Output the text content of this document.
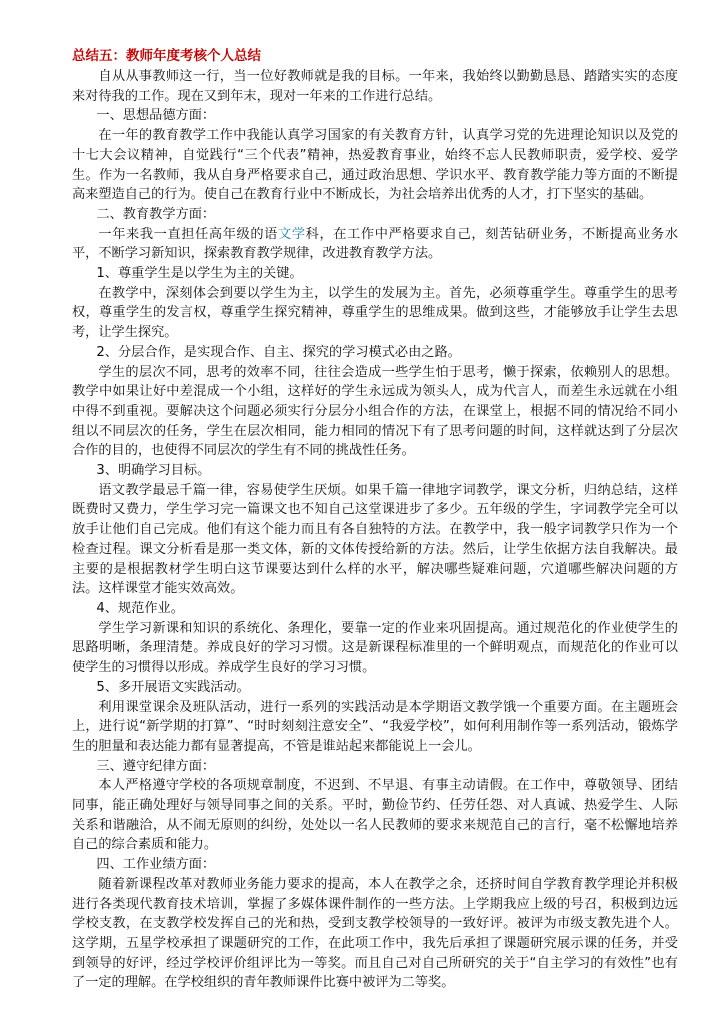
总结五：教师年度考核个人总结

自从从事教师这一行，当一位好教师就是我的目标。一年来，我始终以勤勤恳恳、踏踏实实的态度来对待我的工作。现在又到年末，现对一年来的工作进行总结。

一、思想品德方面：

在一年的教育教学工作中我能认真学习国家的有关教育方针，认真学习党的先进理论知识以及党的十七大会议精神，自觉践行“三个代表”精神，热爱教育事业，始终不忘人民教师职责，爱学校、爱学生。作为一名教师，我从自身严格要求自己，通过政治思想、学识水平、教育教学能力等方面的不断提高来塑造自己的行为。使自己在教育行业中不断成长，为社会培养出优秀的人才，打下坚实的基础。

二、教育教学方面：

一年来我一直担任高年级的语文学科，在工作中严格要求自己，刻苦钻研业务，不断提高业务水平，不断学习新知识，探索教育教学规律，改进教育教学方法。

1、尊重学生是以学生为主的关键。

在教学中，深刻体会到要以学生为主，以学生的发展为主。首先，必须尊重学生。尊重学生的思考权，尊重学生的发言权，尊重学生探究精神，尊重学生的思维成果。做到这些，才能够放手让学生去思考，让学生探究。

2、分层合作，是实现合作、自主、探究的学习模式必由之路。

学生的层次不同，思考的效率不同，往往会造成一些学生怕于思考，懒于探索，依赖别人的思想。教学中如果让好中差混成一个小组，这样好的学生永远成为领头人，成为代言人，而差生永远就在小组中得不到重视。要解决这个问题必须实行分层分小组合作的方法，在课堂上，根据不同的情况给不同小组以不同层次的任务，学生在层次相同，能力相同的情况下有了思考问题的时间，这样就达到了分层次合作的目的，也使得不同层次的学生有不同的挑战性任务。

3、明确学习目标。

语文教学最忌千篇一律，容易使学生厌烦。如果千篇一律地字词教学，课文分析，归纳总结，这样既费时又费力，学生学习完一篇课文也不知自己这堂课进步了多少。五年级的学生，字词教学完全可以放手让他们自己完成。他们有这个能力而且有各自独特的方法。在教学中，我一般字词教学只作为一个检查过程。课文分析看是那一类文体，新的文体传授给新的方法。然后，让学生依据方法自我解决。最主要的是根据教材学生明白这节课要达到什么样的水平，解决哪些疑难问题，穴道哪些解决问题的方法。这样课堂才能实效高效。

4、规范作业。

学生学习新课和知识的系统化、条理化，要靠一定的作业来巩固提高。通过规范化的作业使学生的思路明晰，条理清楚。养成良好的学习习惯。这是新课程标准里的一个鲜明观点，而规范化的作业可以使学生的习惯得以形成。养成学生良好的学习习惯。

5、多开展语文实践活动。

利用课堂课余及班队活动，进行一系列的实践活动是本学期语文教学饿一个重要方面。在主题班会上，进行说“新学期的打算”、“时时刻刻注意安全”、“我爱学校”，如何利用制作等一系列活动，锻炼学生的胆量和表达能力都有显著提高，不管是谁站起来都能说上一会儿。

三、遵守纪律方面：

本人严格遵守学校的各项规章制度，不迟到、不早退、有事主动请假。在工作中，尊敬领导、团结同事，能正确处理好与领导同事之间的关系。平时，勤俭节约、任劳任怨、对人真诚、热爱学生、人际关系和谐融洽，从不闹无原则的纠纷，处处以一名人民教师的要求来规范自己的言行，毫不松懈地培养自己的综合素质和能力。

四、工作业绩方面：

随着新课程改革对教师业务能力要求的提高，本人在教学之余，还挤时间自学教育教学理论并积极进行各类现代教育技术培训，掌握了多媒体课件制作的一些方法。上学期我应上级的号召，积极到边远学校支教，在支教学校发挥自己的光和热，受到支教学校领导的一致好评。被评为市级支教先进个人。这学期，五星学校承担了课题研究的工作，在此项工作中，我先后承担了课题研究展示课的任务，并受到领导的好评，经过学校评价组评比为一等奖。而且自己对自己所研究的关于“自主学习的有效性”也有了一定的理解。在学校组织的青年教师课件比赛中被评为二等奖。
